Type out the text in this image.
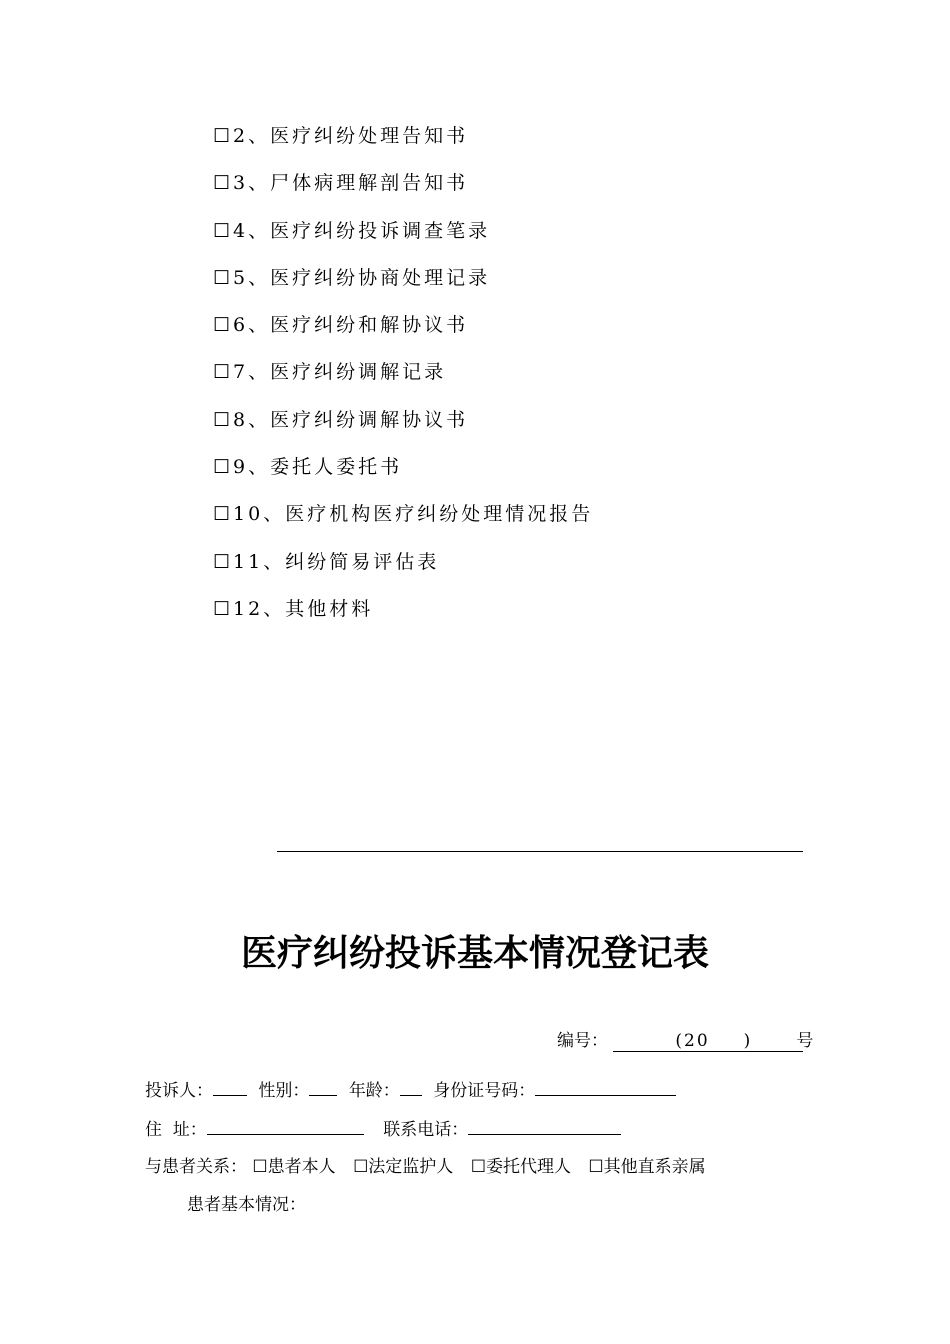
☐2、医疗纠纷处理告知书
☐3、尸体病理解剖告知书
☐4、医疗纠纷投诉调查笔录
☐5、医疗纠纷协商处理记录
☐6、医疗纠纷和解协议书
☐7、医疗纠纷调解记录
☐8、医疗纠纷调解协议书
☐9、委托人委托书
☐10、医疗机构医疗纠纷处理情况报告
☐11、纠纷简易评估表
☐12、其他材料
医疗纠纷投诉基本情况登记表
编号：	(20 )	号
投诉人：	性别： 年龄： 身份证号码：
住  址：	联系电话：
与患者关系： ☐患者本人 ☐法定监护人 ☐委托代理人 ☐其他直系亲属
患者基本情况：
